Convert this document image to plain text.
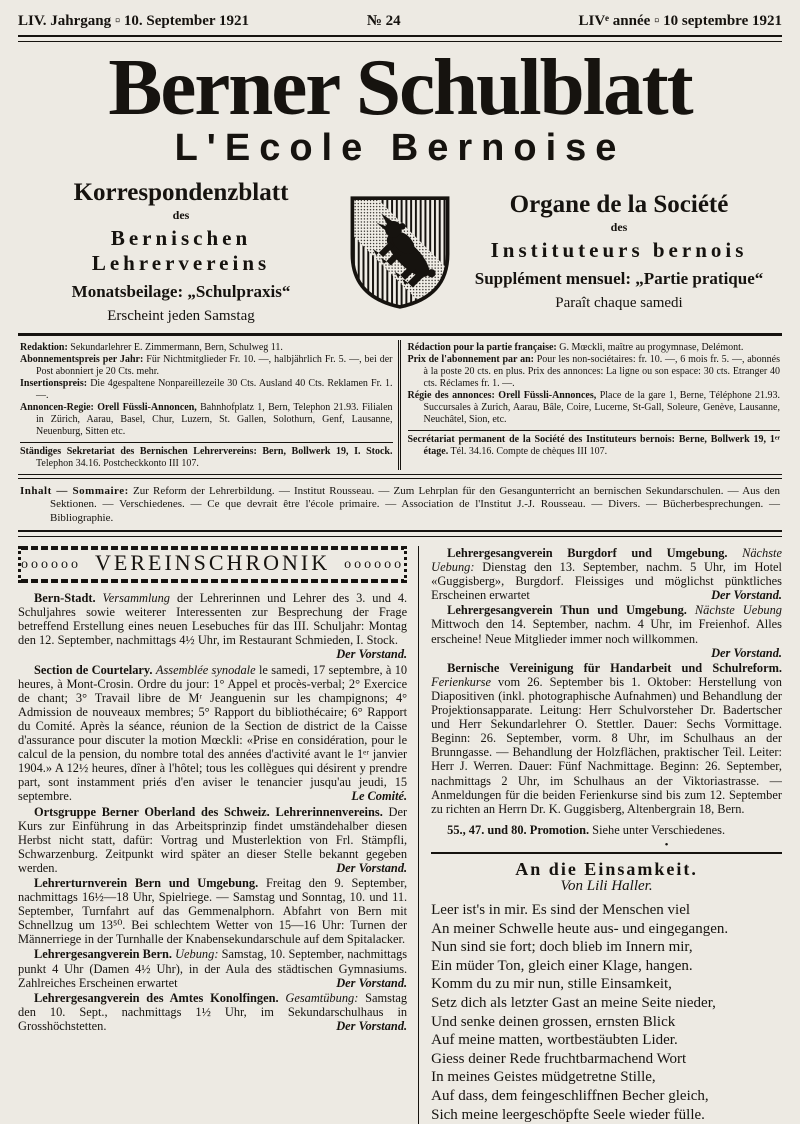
LIV. Jahrgang ▫ 10. September 1921	№ 24	LIVᵉ année ▫ 10 septembre 1921
Berner Schulblatt
L'Ecole Bernoise
Korrespondenzblatt
des
Bernischen Lehrervereins
Monatsbeilage: „Schulpraxis“
Erscheint jeden Samstag
Organe de la Société
des
Instituteurs bernois
Supplément mensuel: „Partie pratique“
Paraît chaque samedi

Redaktion: Sekundarlehrer E. Zimmermann, Bern, Schulweg 11.

Abonnementspreis per Jahr: Für Nichtmitglieder Fr. 10. —, halbjährlich Fr. 5. —, bei der Post abonniert je 20 Cts. mehr.

Insertionspreis: Die 4gespaltene Nonpareillezeile 30 Cts. Ausland 40 Cts. Reklamen Fr. 1. —.

Annoncen-Regie: Orell Füssli-Annoncen, Bahnhofplatz 1, Bern, Telephon 21.93. Filialen in Zürich, Aarau, Basel, Chur, Luzern, St. Gallen, Solothurn, Genf, Lausanne, Neuenburg, Sitten etc.

Ständiges Sekretariat des Bernischen Lehrervereins: Bern, Bollwerk 19, I. Stock. Telephon 34.16. Postcheckkonto III 107.

Rédaction pour la partie française: G. Mœckli, maître au progymnase, Delémont.

Prix de l'abonnement par an: Pour les non-sociétaires: fr. 10. —, 6 mois fr. 5. —, abonnés à la poste 20 cts. en plus. Prix des annonces: La ligne ou son espace: 30 cts. Etranger 40 cts. Réclames fr. 1. —.

Régie des annonces: Orell Füssli-Annonces, Place de la gare 1, Berne, Téléphone 21.93. Succursales à Zurich, Aarau, Bâle, Coire, Lucerne, St-Gall, Soleure, Genève, Lausanne, Neuchâtel, Sion, etc.

Secrétariat permanent de la Société des Instituteurs bernois: Berne, Bollwerk 19, 1ᵉʳ étage. Tél. 34.16. Compte de chèques III 107.

Inhalt — Sommaire: Zur Reform der Lehrerbildung. — Institut Rousseau. — Zum Lehrplan für den Gesangunterricht an bernischen Sekundarschulen. — Aus den Sektionen. — Verschiedenes. — Ce que devrait être l'école primaire. — Association de l'Institut J.-J. Rousseau. — Divers. — Bücherbesprechungen. — Bibliographie.

oooooo VEREINSCHRONIK oooooo

Bern-Stadt. Versammlung der Lehrerinnen und Lehrer des 3. und 4. Schuljahres sowie weiterer Interessenten zur Besprechung der Frage betreffend Erstellung eines neuen Lesebuches für das III. Schuljahr: Montag den 12. September, nachmittags 4½ Uhr, im Restaurant Schmieden, I. Stock.
Der Vorstand.

Section de Courtelary. Assemblée synodale le samedi, 17 septembre, à 10 heures, à Mont-Crosin. Ordre du jour: 1° Appel et procès-verbal; 2° Exercice de chant; 3° Travail libre de Mʳ Jeanguenin sur les champignons; 4° Admission de nouveaux membres; 5° Rapport du bibliothécaire; 6° Rapport du Comité. Après la séance, réunion de la Section de district de la Caisse d'assurance pour discuter la motion Mœckli: «Prise en considération, pour le calcul de la pension, du nombre total des années d'activité avant le 1ᵉʳ janvier 1904.» A 12½ heures, dîner à l'hôtel; tous les collègues qui désirent y prendre part, sont instamment priés d'en aviser le tenancier jusqu'au jeudi, 15 septembre.	Le Comité.

Ortsgruppe Berner Oberland des Schweiz. Lehrerinnenvereins. Der Kurs zur Einführung in das Arbeitsprinzip findet umständehalber diesen Herbst nicht statt, dafür: Vortrag und Musterlektion von Frl. Stämpfli, Schwarzenburg. Zeitpunkt wird später an dieser Stelle bekannt gegeben werden.	Der Vorstand.

Lehrerturnverein Bern und Umgebung. Freitag den 9. September, nachmittags 16½—18 Uhr, Spielriege. — Samstag und Sonntag, 10. und 11. September, Turnfahrt auf das Gemmenalphorn. Abfahrt von Bern mit Schnellzug um 13⁵⁰. Bei schlechtem Wetter von 15—16 Uhr: Turnen der Männerriege in der Turnhalle der Knabensekundarschule auf dem Spitalacker.

Lehrergesangverein Bern. Uebung: Samstag, 10. September, nachmittags punkt 4 Uhr (Damen 4½ Uhr), in der Aula des städtischen Gymnasiums. Zahlreiches Erscheinen erwartet	Der Vorstand.

Lehrergesangverein des Amtes Konolfingen. Gesamtübung: Samstag den 10. Sept., nachmittags 1½ Uhr, im Sekundarschulhaus in Grosshöchstetten.	Der Vorstand.

Lehrergesangverein Burgdorf und Umgebung. Nächste Uebung: Dienstag den 13. September, nachm. 5 Uhr, im Hotel «Guggisberg», Burgdorf. Fleissiges und möglichst pünktliches Erscheinen erwartet	Der Vorstand.

Lehrergesangverein Thun und Umgebung. Nächste Uebung Mittwoch den 14. September, nachm. 4 Uhr, im Freienhof. Alles erscheine! Neue Mitglieder immer noch willkommen.
Der Vorstand.

Bernische Vereinigung für Handarbeit und Schulreform. Ferienkurse vom 26. September bis 1. Oktober: Herstellung von Diapositiven (inkl. photographische Aufnahmen) und Behandlung der Projektionsapparate. Leitung: Herr Schulvorsteher Dr. Badertscher und Herr Sekundarlehrer O. Stettler. Dauer: Sechs Vormittage. Beginn: 26. September, vorm. 8 Uhr, im Schulhaus an der Brunngasse. — Behandlung der Holzflächen, praktischer Teil. Leiter: Herr J. Werren. Dauer: Fünf Nachmittage. Beginn: 26. September, nachmittags 2 Uhr, im Schulhaus an der Viktoriastrasse. — Anmeldungen für die beiden Ferienkurse sind bis zum 12. September zu richten an Herrn Dr. K. Guggisberg, Altenbergrain 18, Bern.

55., 47. und 80. Promotion. Siehe unter Verschiedenes.

•
An die Einsamkeit.
Von Lili Haller.
Leer ist's in mir. Es sind der Menschen viel
An meiner Schwelle heute aus- und eingegangen.
Nun sind sie fort; doch blieb im Innern mir,
Ein müder Ton, gleich einer Klage, hangen.
Komm du zu mir nun, stille Einsamkeit,
Setz dich als letzter Gast an meine Seite nieder,
Und senke deinen grossen, ernsten Blick
Auf meine matten, wortbestäubten Lider.
Giess deiner Rede fruchtbarmachend Wort
In meines Geistes müdgetretne Stille,
Auf dass, dem feingeschliffnen Becher gleich,
Sich meine leergeschöpfte Seele wieder fülle.
